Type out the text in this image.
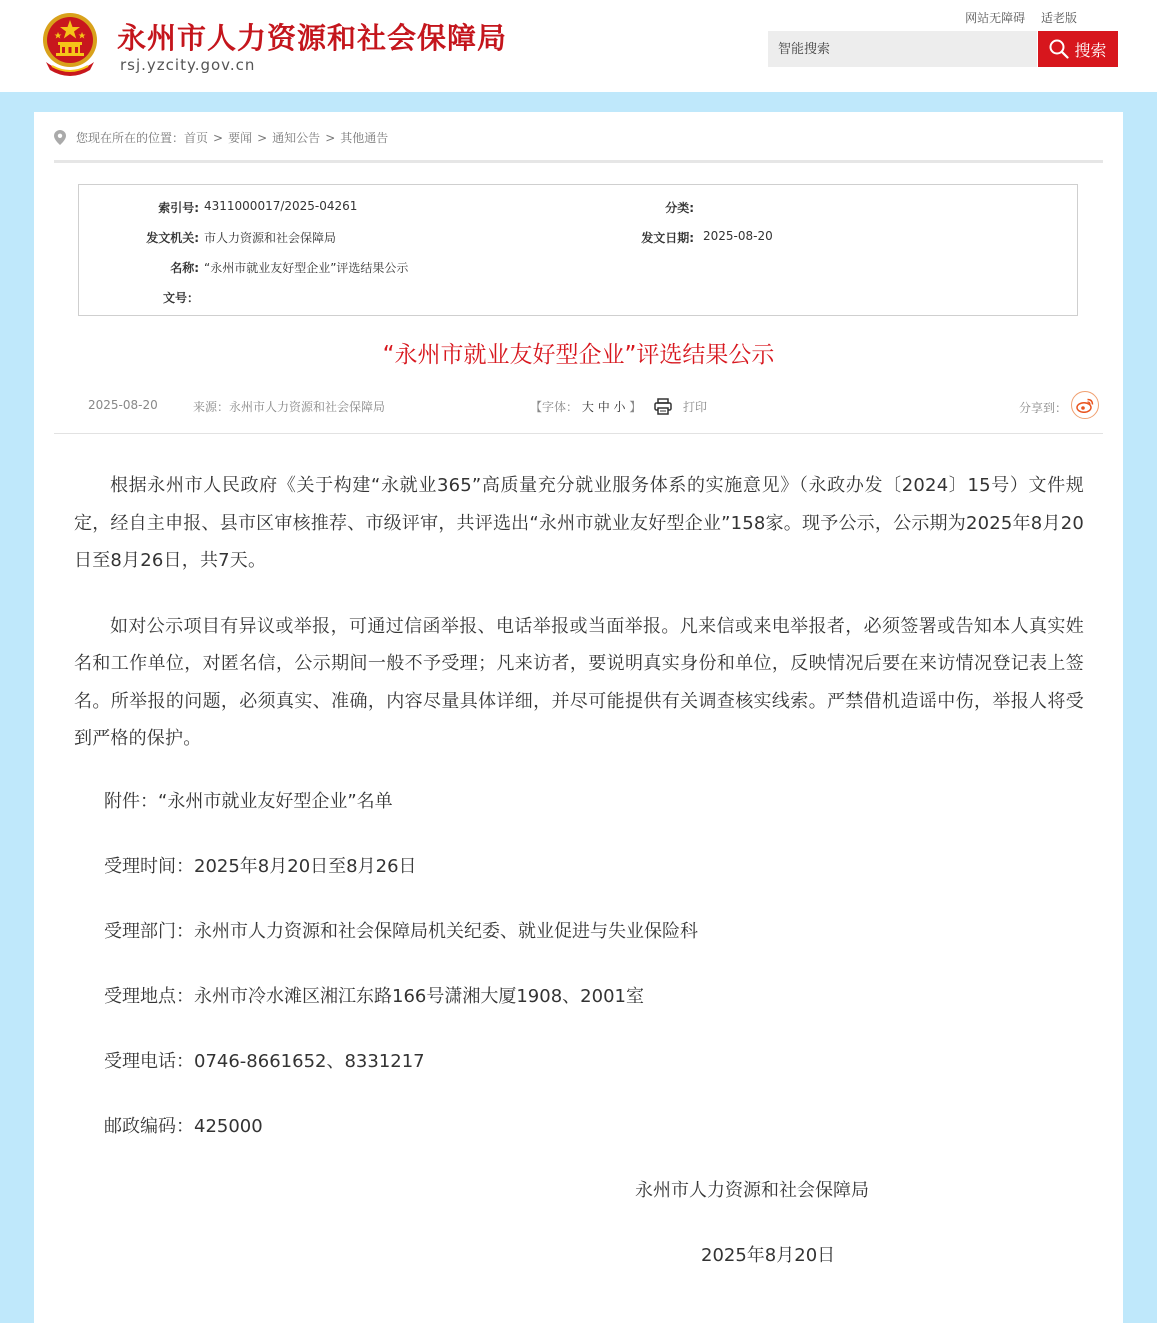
永州市人力资源和社会保障局
rsj.yzcity.gov.cn
网站无障碍 适老版
智能搜索
搜索
您现在所在的位置： 首页 > 要闻 > 通知公告 > 其他通告
索引号: 4311000017/2025-04261	分类:
发文机关: 市人力资源和社会保障局	发文日期: 2025-08-20
名称: “永州市就业友好型企业”评选结果公示
文号：
“永州市就业友好型企业”评选结果公示
2025-08-20	来源：永州市人力资源和社会保障局	【字体： 大 中 小 】	打印	分享到：

根据永州市人民政府《关于构建“永就业365”高质量充分就业服务体系的实施意见》（永政办发〔2024〕15号）文件规定，经自主申报、县市区审核推荐、市级评审，共评选出“永州市就业友好型企业”158家。现予公示，公示期为2025年8月20日至8月26日，共7天。

如对公示项目有异议或举报，可通过信函举报、电话举报或当面举报。凡来信或来电举报者，必须签署或告知本人真实姓名和工作单位，对匿名信，公示期间一般不予受理；凡来访者，要说明真实身份和单位，反映情况后要在来访情况登记表上签名。所举报的问题，必须真实、准确，内容尽量具体详细，并尽可能提供有关调查核实线索。严禁借机造谣中伤，举报人将受到严格的保护。

附件：“永州市就业友好型企业”名单
受理时间：2025年8月20日至8月26日
受理部门：永州市人力资源和社会保障局机关纪委、就业促进与失业保险科
受理地点：永州市冷水滩区湘江东路166号潇湘大厦1908、2001室
受理电话：0746-8661652、8331217
邮政编码：425000
永州市人力资源和社会保障局
2025年8月20日
